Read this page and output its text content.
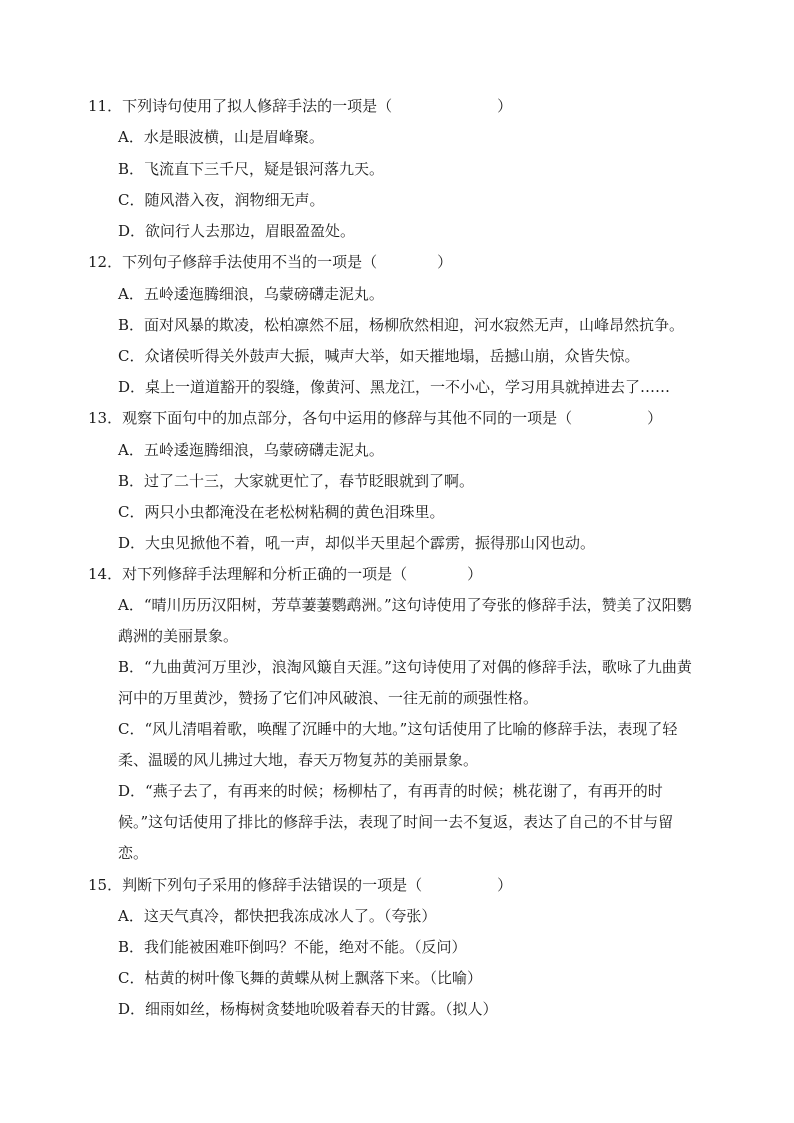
11．下列诗句使用了拟人修辞手法的一项是（　　　　　　　）
A．水是眼波横，山是眉峰聚。
B．飞流直下三千尺，疑是银河落九天。
C．随风潜入夜，润物细无声。
D．欲问行人去那边，眉眼盈盈处。
12．下列句子修辞手法使用不当的一项是（　　　　）
A．五岭逶迤腾细浪，乌蒙磅礴走泥丸。
B．面对风暴的欺凌，松柏凛然不屈，杨柳欣然相迎，河水寂然无声，山峰昂然抗争。
C．众诸侯听得关外鼓声大振，喊声大举，如天摧地塌，岳撼山崩，众皆失惊。
D．桌上一道道豁开的裂缝，像黄河、黑龙江，一不小心，学习用具就掉进去了……
13．观察下面句中的加点部分，各句中运用的修辞与其他不同的一项是（　　　　　）
A．五岭逶迤腾细浪，乌蒙磅礴走泥丸。
B．过了二十三，大家就更忙了，春节眨眼就到了啊。
C．两只小虫都淹没在老松树粘稠的黄色泪珠里。
D．大虫见掀他不着，吼一声，却似半天里起个霹雳，振得那山冈也动。
14．对下列修辞手法理解和分析正确的一项是（　　　　）
A．“晴川历历汉阳树，芳草萋萋鹦鹉洲。”这句诗使用了夸张的修辞手法，赞美了汉阳鹦鹉洲的美丽景象。
B．“九曲黄河万里沙，浪淘风簸自天涯。”这句诗使用了对偶的修辞手法，歌咏了九曲黄河中的万里黄沙，赞扬了它们冲风破浪、一往无前的顽强性格。
C．“风儿清唱着歌，唤醒了沉睡中的大地。”这句话使用了比喻的修辞手法，表现了轻柔、温暖的风儿拂过大地，春天万物复苏的美丽景象。
D．“燕子去了，有再来的时候；杨柳枯了，有再青的时候；桃花谢了，有再开的时候。”这句话使用了排比的修辞手法，表现了时间一去不复返，表达了自己的不甘与留恋。
15．判断下列句子采用的修辞手法错误的一项是（　　　　　）
A．这天气真冷，都快把我冻成冰人了。（夸张）
B．我们能被困难吓倒吗？不能，绝对不能。（反问）
C．枯黄的树叶像飞舞的黄蝶从树上飘落下来。（比喻）
D．细雨如丝，杨梅树贪婪地吮吸着春天的甘露。（拟人）
